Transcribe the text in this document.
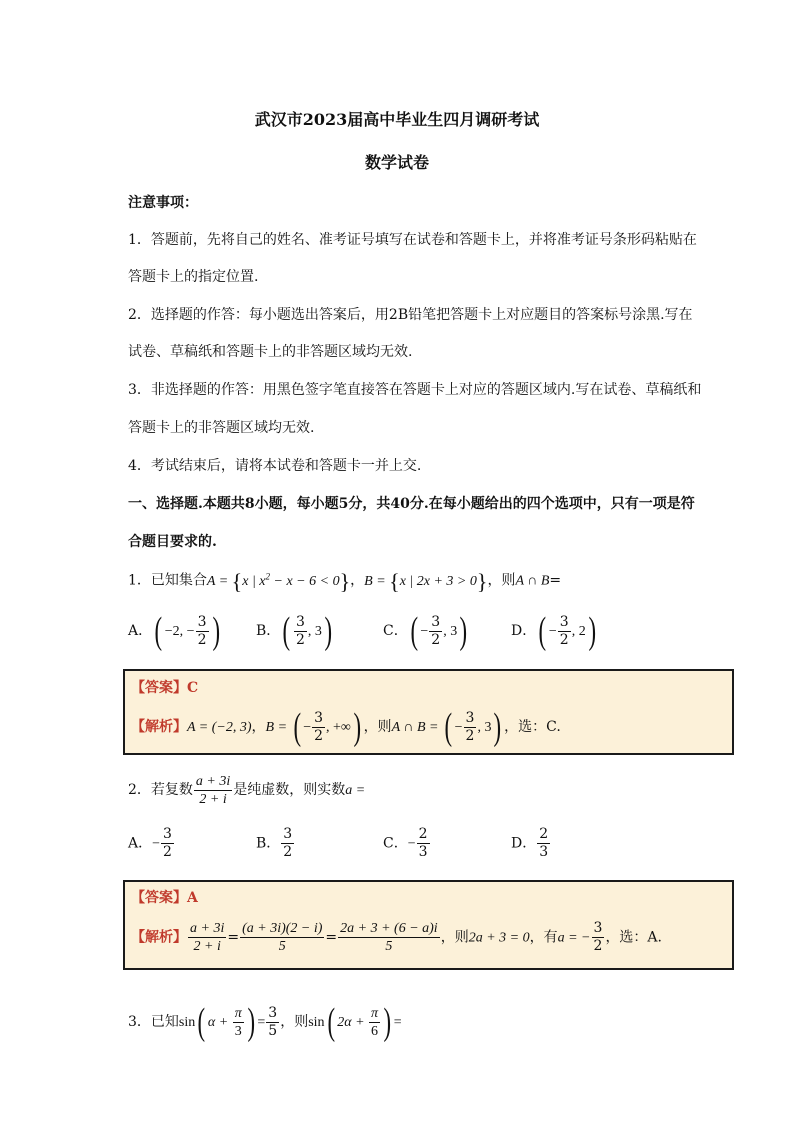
武汉市2023届高中毕业生四月调研考试
数学试卷
注意事项：
1．答题前，先将自己的姓名、准考证号填写在试卷和答题卡上，并将准考证号条形码粘贴在
答题卡上的指定位置.
2．选择题的作答：每小题选出答案后，用2B铅笔把答题卡上对应题目的答案标号涂黑.写在
试卷、草稿纸和答题卡上的非答题区域均无效.
3．非选择题的作答：用黑色签字笔直接答在答题卡上对应的答题区域内.写在试卷、草稿纸和
答题卡上的非答题区域均无效.
4．考试结束后，请将本试卷和答题卡一并上交.
一、选择题.本题共8小题，每小题5分，共40分.在每小题给出的四个选项中，只有一项是符
合题目要求的.
1．已知集合A = {x | $x^2 - x - 6 < 0$}，B = {x | 2x + 3 > 0}，则A ∩ B=
A．( −2, − $\frac{3}{2}$ )	B．( $\frac{3}{2}$ , 3)	C．( − $\frac{3}{2}$ , 3)	D．( − $\frac{3}{2}$ , 2)
【答案】C
【解析】A = (−2, 3)，B = ( − $\frac{3}{2}$ , +∞) ，则A ∩ B = ( − $\frac{3}{2}$ , 3) ，选：C.
2．若复数 $\frac{a + 3i}{2 + i}$ 是纯虚数，则实数a =
A．− $\frac{3}{2}$	B． $\frac{3}{2}$	C．− $\frac{2}{3}$	D． $\frac{2}{3}$
【答案】A
【解析】 $\frac{a + 3i}{2 + i} = \frac{(a + 3i)(2 - i)}{5} = \frac{2a + 3 + (6 - a)i}{5}$ ，则2a + 3 = 0，有a = − $\frac{3}{2}$ ，选：A.
3．已知sin( $\alpha + \frac{\pi}{3}$ ) = $\frac{3}{5}$ ，则sin( $2\alpha + \frac{\pi}{6}$ ) =
